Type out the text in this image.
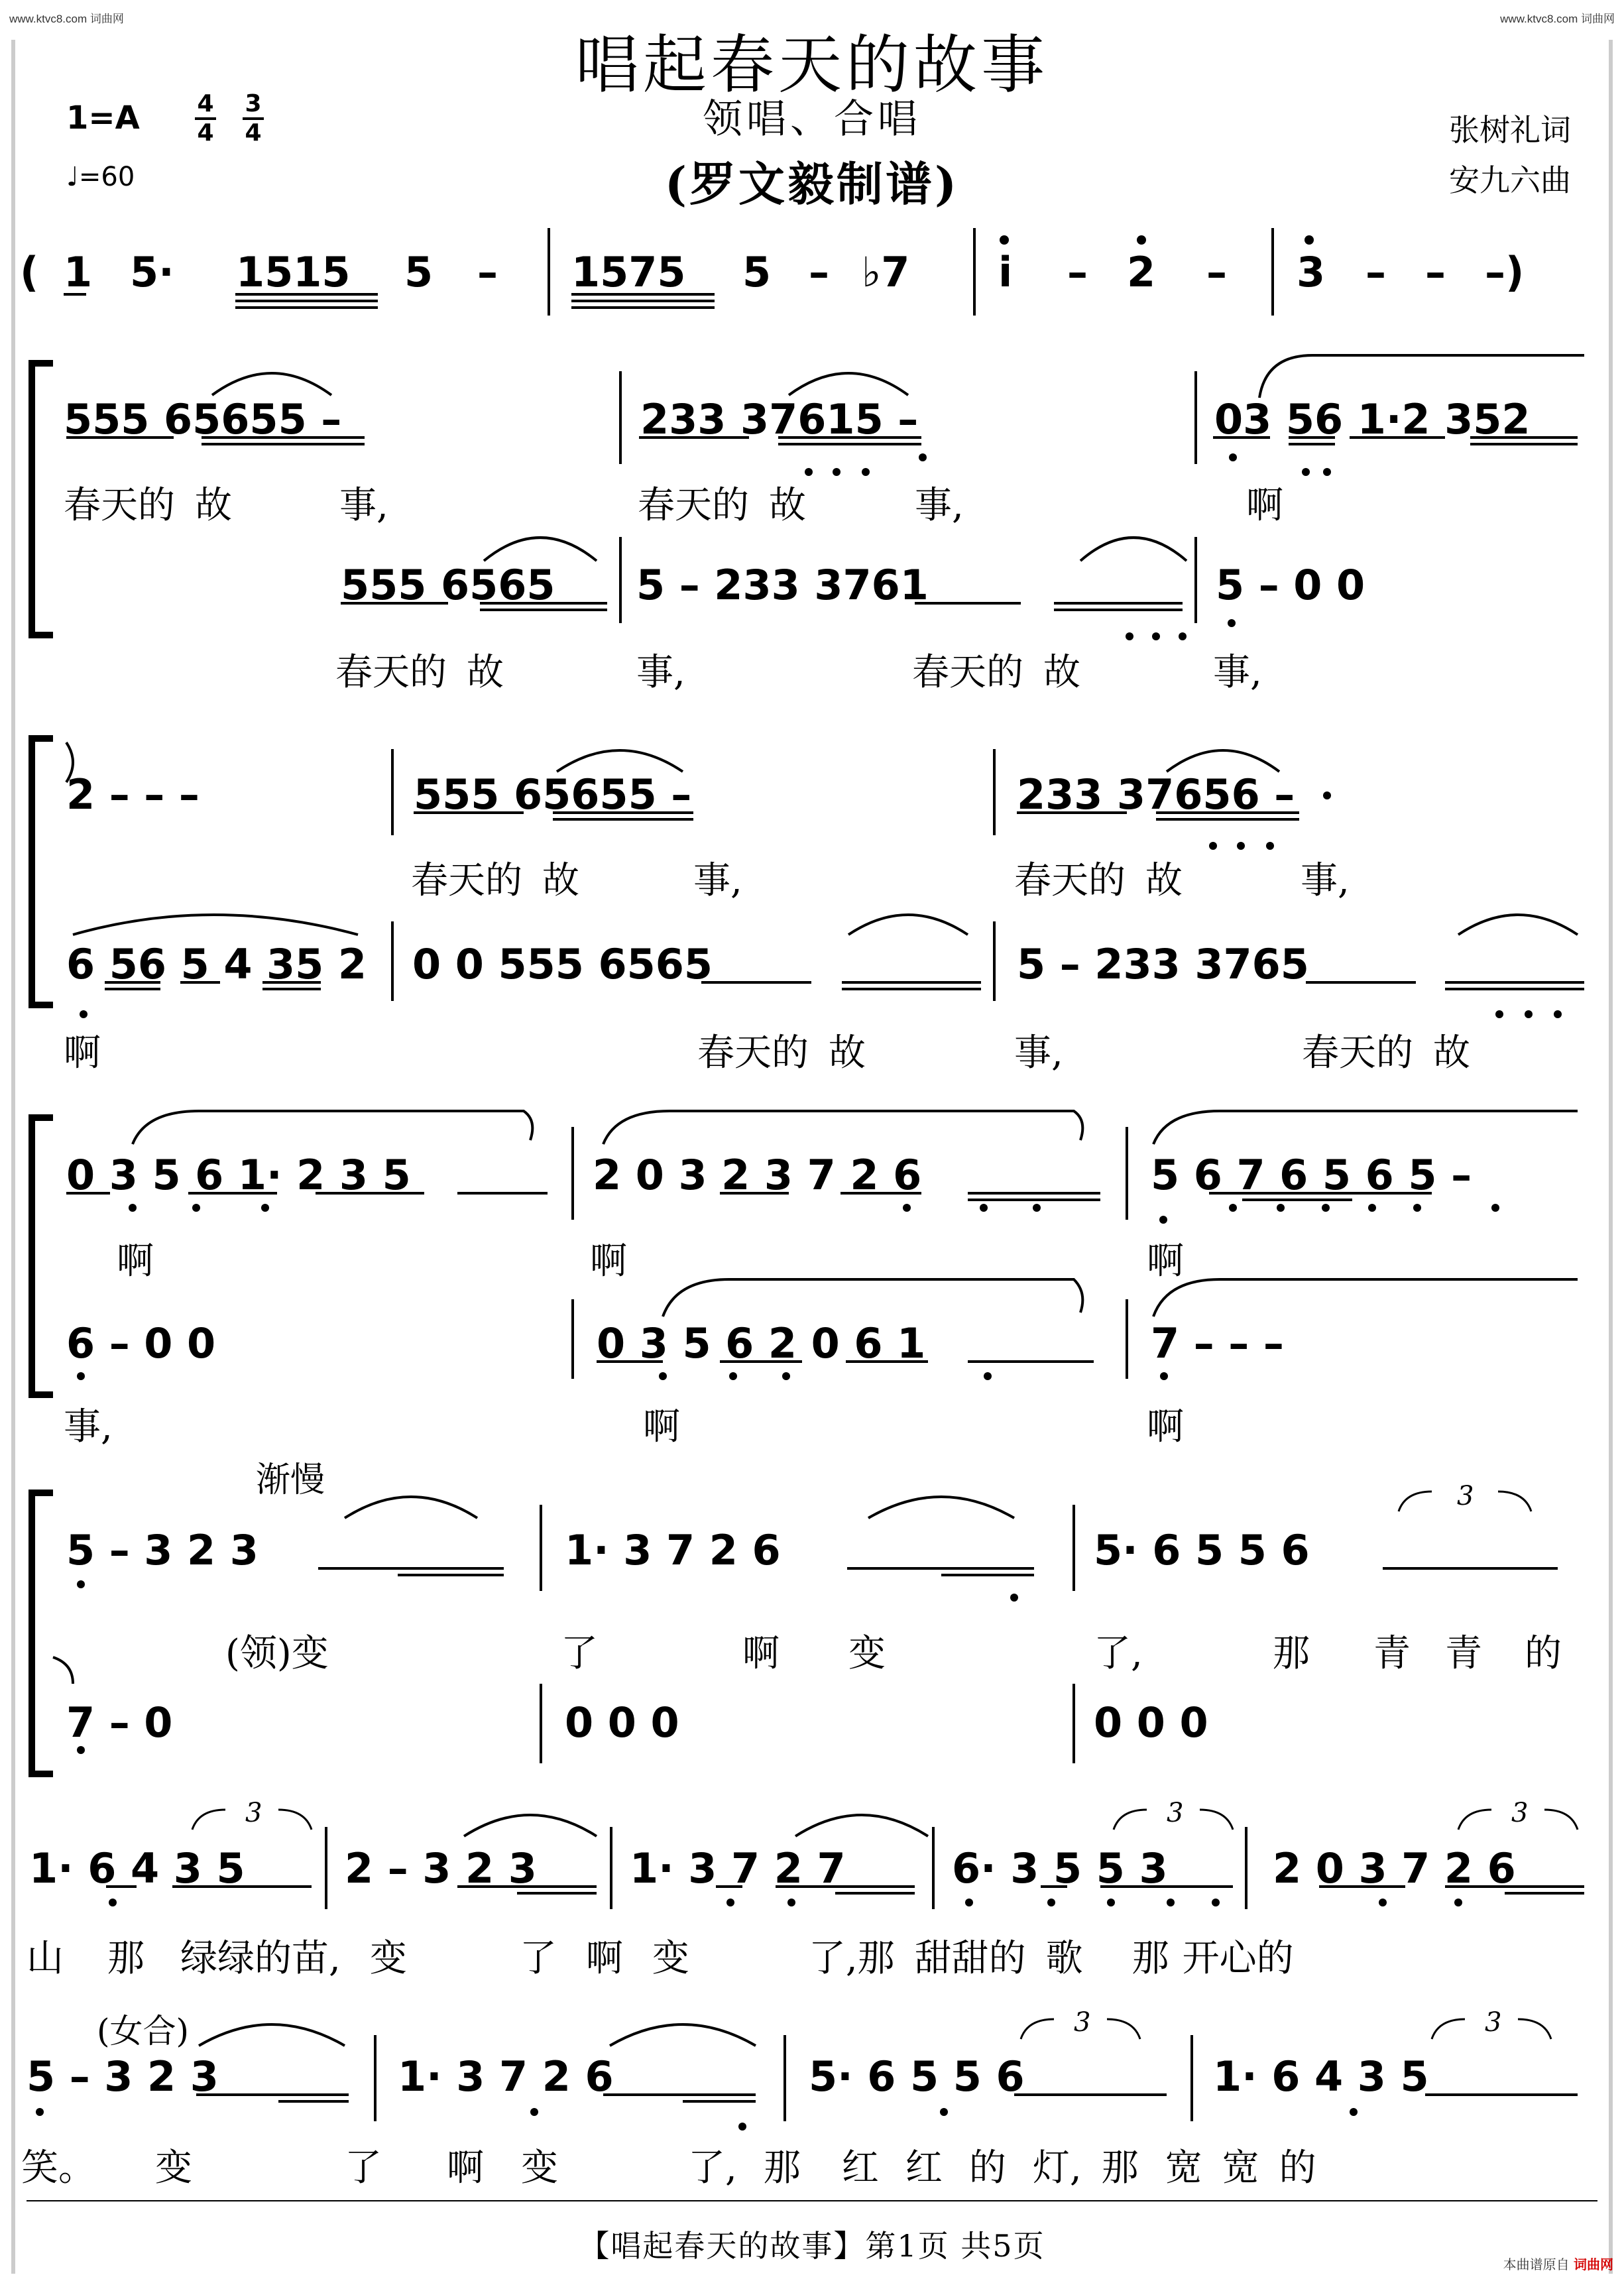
www.ktvc8.com 词曲网	www.ktvc8.com 词曲网
唱起春天的故事
领唱、合唱
(罗文毅制谱)
1=A 4
4
3
4
♩=60
张树礼词
安九六曲
( 1 5· 1515 5 – 1575 5 – ♭7 i – 2 – 3 – – –)
555 65655 –	233 37615 –	03 56 1·2 352
555 6565 5 – 233 3761	5 – 0 0
2 – – –	555 65655 –	233 37656 –
6 56 5 4 35 2 0 0 555 6565	5 – 233 3765
0 3 5 6 1· 2 3 5	2 0 3 2 3 7 2 6	5 6 7 6 5 6 5 –
6 – 0 0	0 3 5 6 2 0 6 1	7 – – –
5 – 3 2 3	1· 3 7 2 6	5· 6 5 5 6
7 – 0	0 0 0	0 0 0
1· 6 4 3 5 2 – 3 2 3 1· 3 7 2 7	6· 3 5 5 3	2 0 3 7 2 6
5 – 3 2 3	1· 3 7 2 6	5· 6 5 5 6	1· 6 4 3 5
3
3	3	3
3	3
春天的 故	事,	春天的 故	事,	啊
春天的 故	事,	春天的 故	事,
春天的 故	事,	春天的 故	事,
啊	春天的 故	事,	春天的 故
啊	啊	啊
事,	啊	啊
渐慢
(领)变	了	啊 变	了,	那 青 青 的
山 那 绿绿的苗, 变	了 啊 变	了,那 甜甜的 歌 那 开心的
(女合)
笑。 变	了 啊 变	了, 那 红 红 的 灯, 那 宽 宽 的
【唱起春天的故事】第1页 共5页
本曲谱原自 词曲网
